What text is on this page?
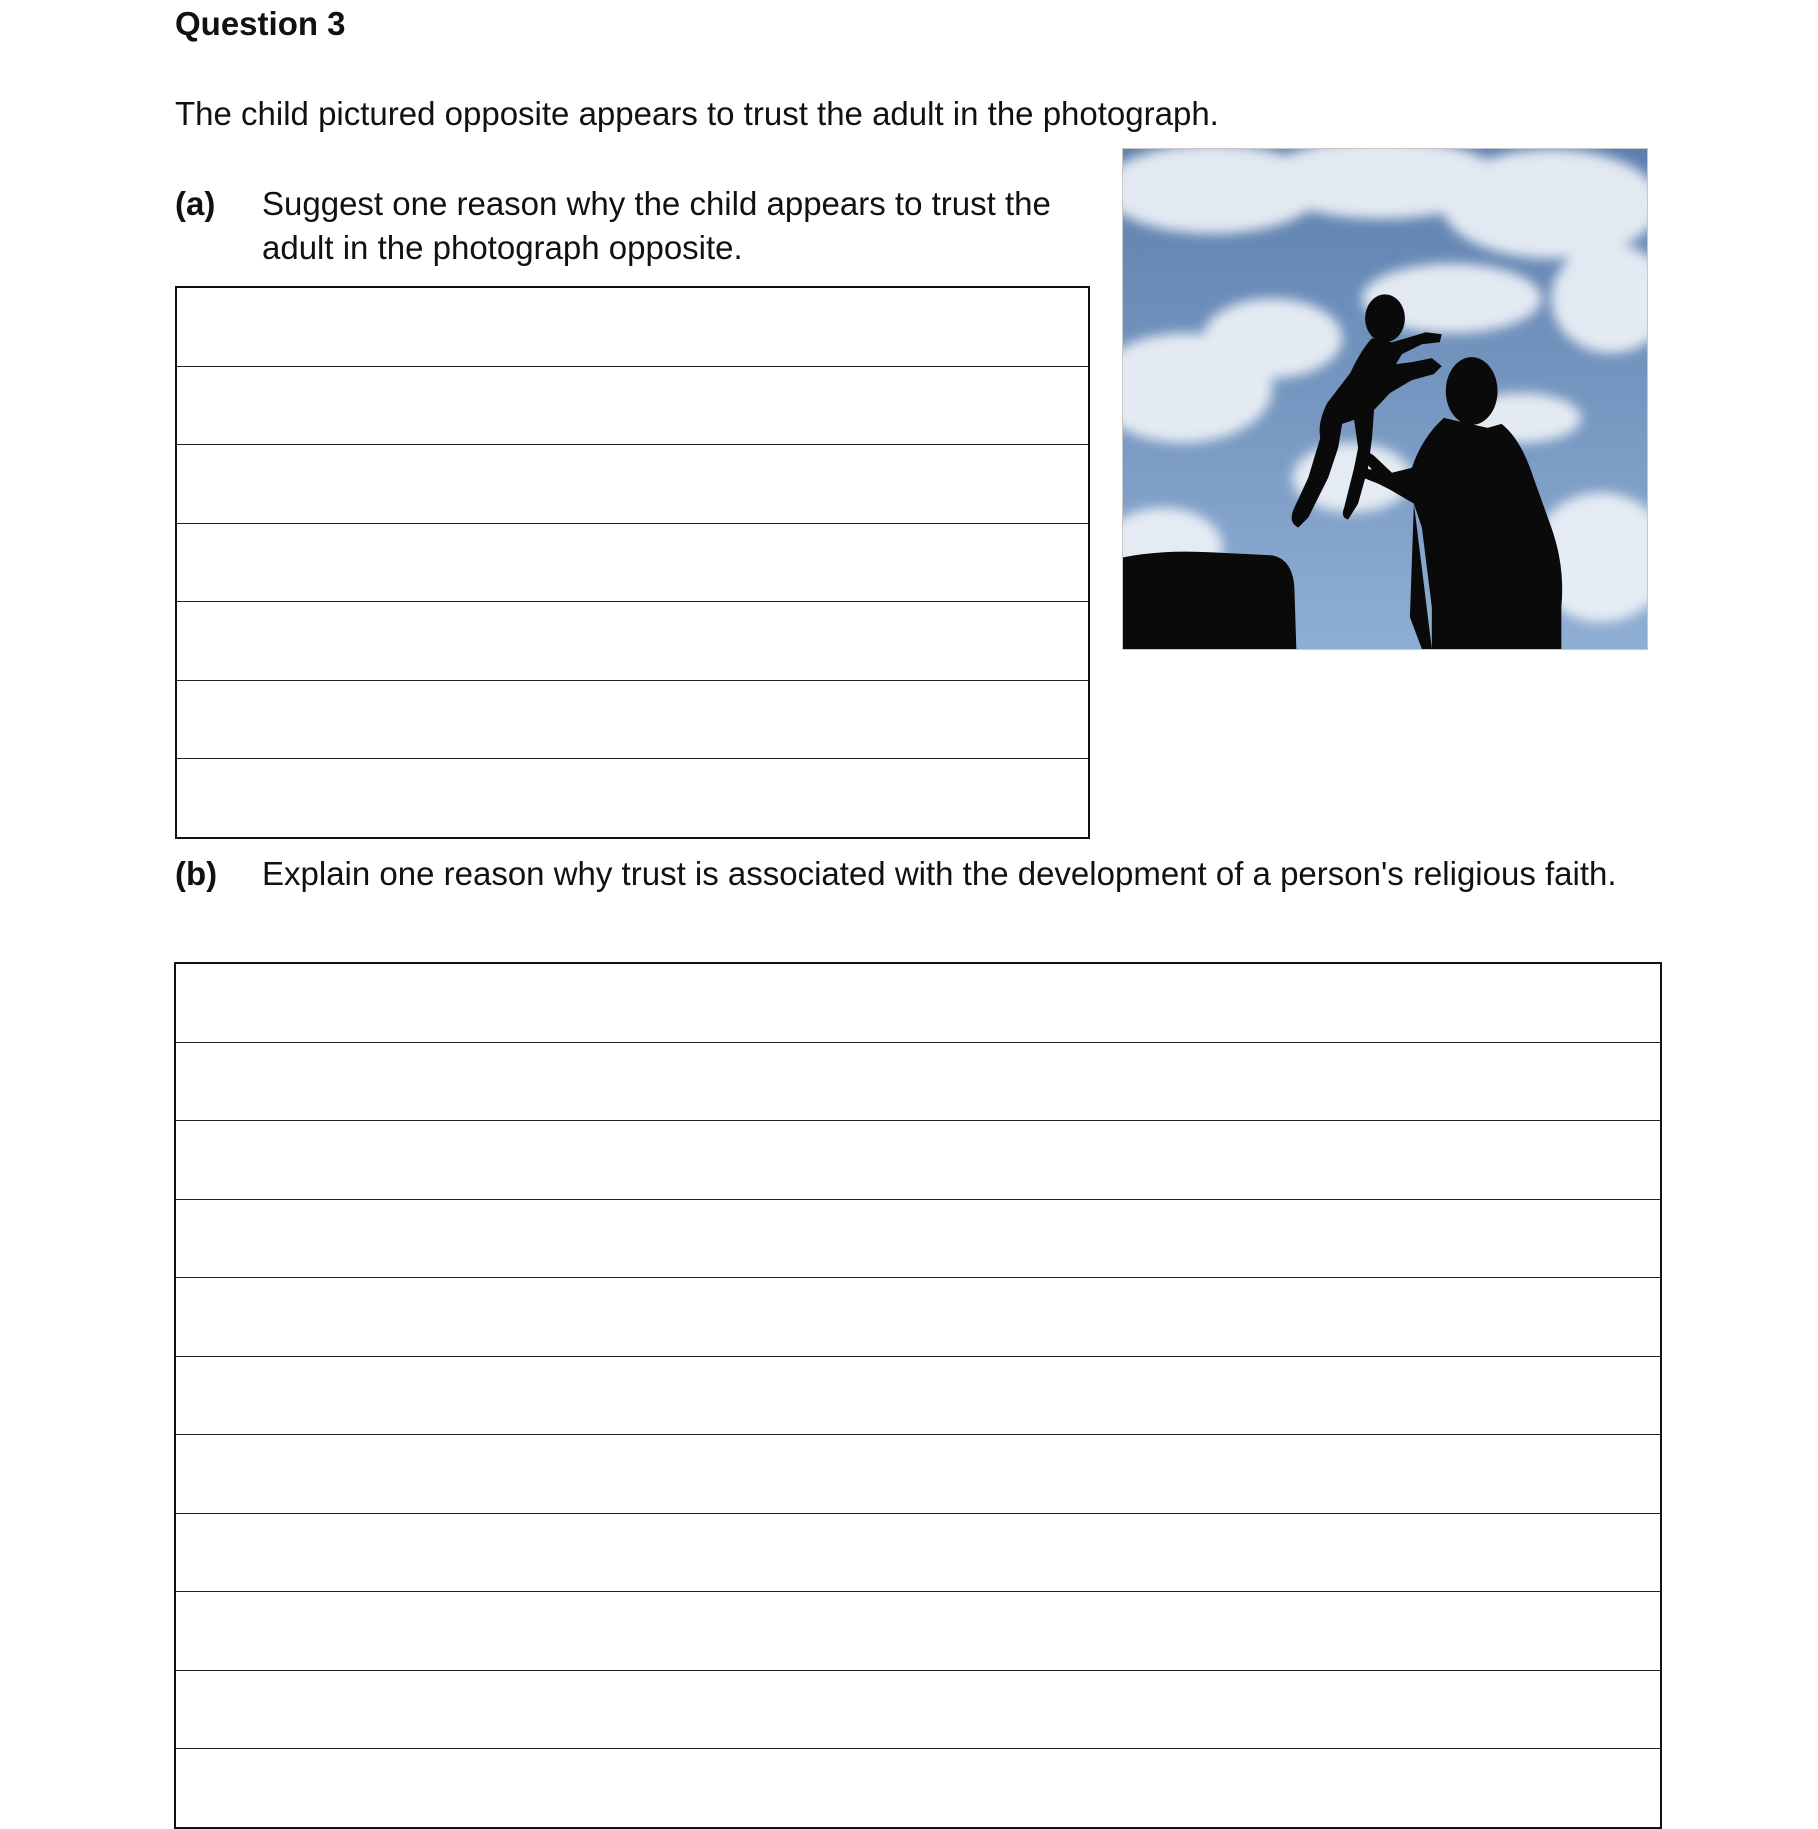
Question 3

The child pictured opposite appears to trust the adult in the photograph.

(a) Suggest one reason why the child appears to trust the adult in the photograph opposite.
(b) Explain one reason why trust is associated with the development of a person's religious faith.
